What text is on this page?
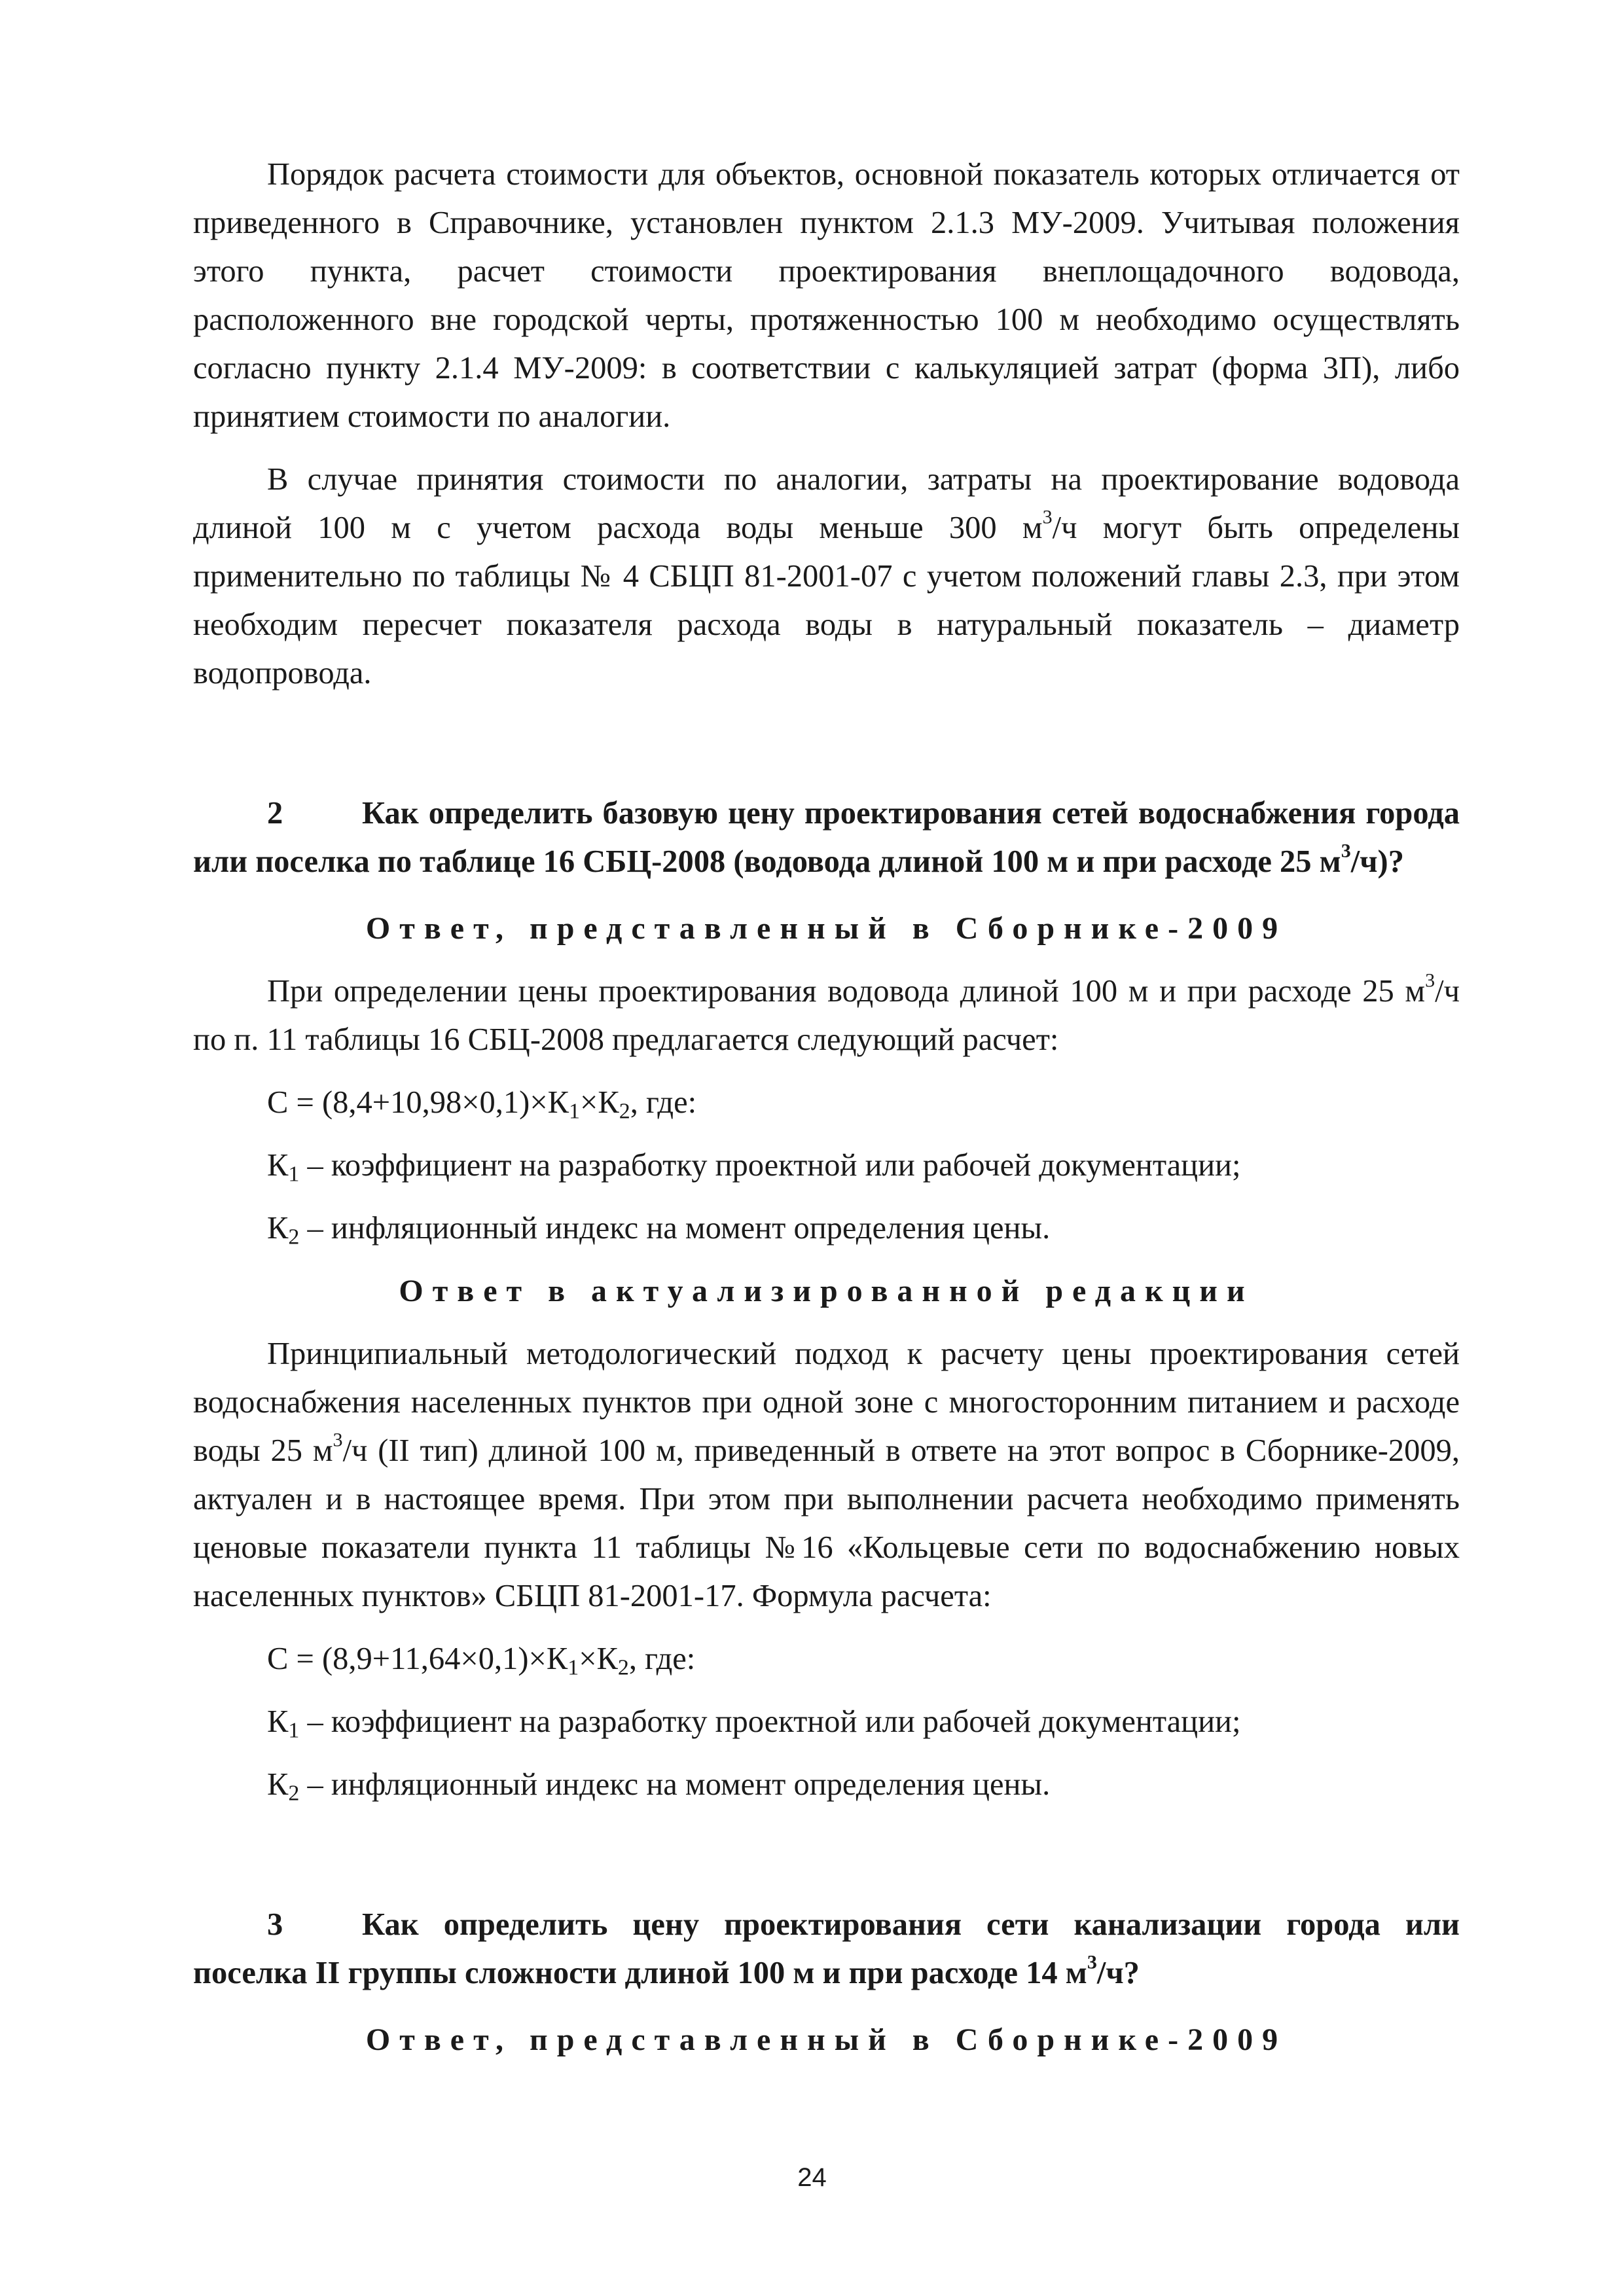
Порядок расчета стоимости для объектов, основной показатель которых отличается от приведенного в Справочнике, установлен пунктом 2.1.3 МУ-2009. Учитывая положения этого пункта, расчет стоимости проектирования внеплощадочного водовода, расположенного вне городской черты, протяженностью 100 м необходимо осуществлять согласно пункту 2.1.4 МУ-2009: в соответствии с калькуляцией затрат (форма 3П), либо принятием стоимости по аналогии.

В случае принятия стоимости по аналогии, затраты на проектирование водовода длиной 100 м с учетом расхода воды меньше 300 $м^3/ч$ могут быть определены применительно по таблицы № 4 СБЦП 81-2001-07 с учетом положений главы 2.3, при этом необходим пересчет показателя расхода воды в натуральный показатель – диаметр водопровода.

2 Как определить базовую цену проектирования сетей водоснабжения города или поселка по таблице 16 СБЦ-2008 (водовода длиной 100 м и при расходе 25 $м^3/ч$)?

Ответ, представленный в Сборнике-2009

При определении цены проектирования водовода длиной 100 м и при расходе 25 $м^3/ч$ по п. 11 таблицы 16 СБЦ-2008 предлагается следующий расчет:

$С = (8,4+10,98\times 0,1)\times К_1\times К_2$, где:

$К_1$ – коэффициент на разработку проектной или рабочей документации;

$К_2$ – инфляционный индекс на момент определения цены.

Ответ в актуализированной редакции

Принципиальный методологический подход к расчету цены проектирования сетей водоснабжения населенных пунктов при одной зоне с многосторонним питанием и расходе воды 25 $м^3/ч$ (II тип) длиной 100 м, приведенный в ответе на этот вопрос в Сборнике-2009, актуален и в настоящее время. При этом при выполнении расчета необходимо применять ценовые показатели пункта 11 таблицы №16 «Кольцевые сети по водоснабжению новых населенных пунктов» СБЦП 81-2001-17. Формула расчета:

$С = (8,9+11,64\times 0,1)\times К_1\times К_2$, где:

$К_1$ – коэффициент на разработку проектной или рабочей документации;

$К_2$ – инфляционный индекс на момент определения цены.

3 Как определить цену проектирования сети канализации города или поселка II группы сложности длиной 100 м и при расходе 14 $м^3/ч$?

Ответ, представленный в Сборнике-2009

24
